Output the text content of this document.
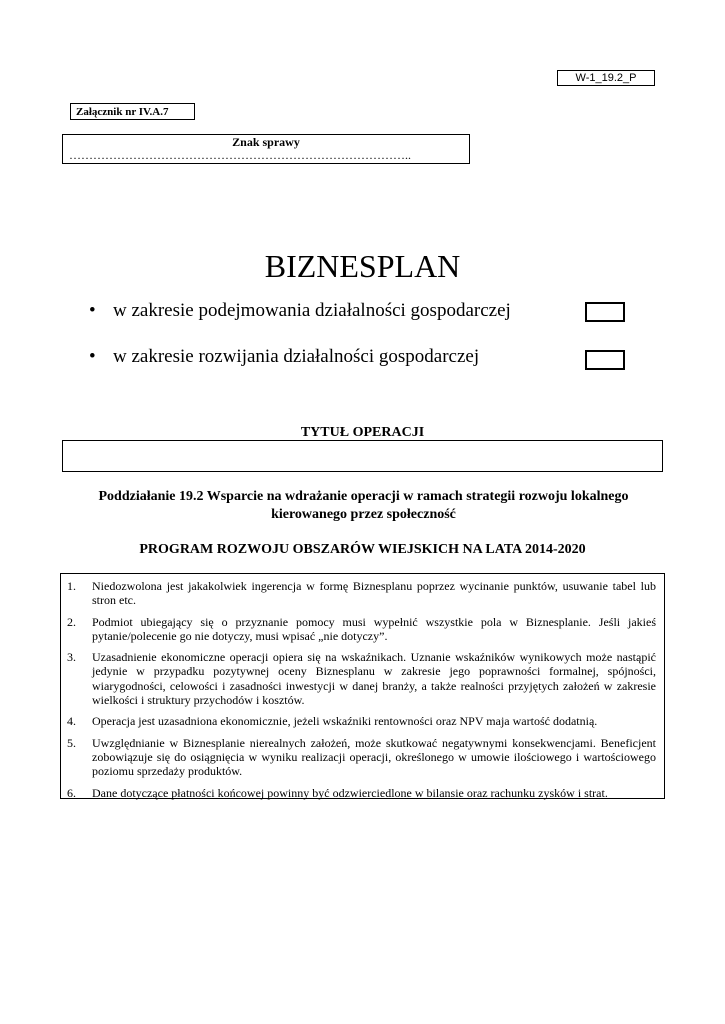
W-1_19.2_P
Załącznik nr IV.A.7
Znak sprawy
…………………………………………………………………………..
BIZNESPLAN
• w zakresie podejmowania działalności gospodarczej
• w zakresie rozwijania działalności gospodarczej
TYTUŁ OPERACJI
Poddziałanie 19.2 Wsparcie na wdrażanie operacji w ramach strategii rozwoju lokalnego kierowanego przez społeczność
PROGRAM ROZWOJU OBSZARÓW WIEJSKICH NA LATA 2014-2020
1.	Niedozwolona jest jakakolwiek ingerencja w formę Biznesplanu poprzez wycinanie punktów, usuwanie tabel lub stron etc.
2.	Podmiot ubiegający się o przyznanie pomocy musi wypełnić wszystkie pola w Biznesplanie. Jeśli jakieś pytanie/polecenie go nie dotyczy, musi wpisać „nie dotyczy”.
3.	Uzasadnienie ekonomiczne operacji opiera się na wskaźnikach. Uznanie wskaźników wynikowych może nastąpić jedynie w przypadku pozytywnej oceny Biznesplanu w zakresie jego poprawności formalnej, spójności, wiarygodności, celowości i zasadności inwestycji w danej branży, a także realności przyjętych założeń w zakresie wielkości i struktury przychodów i kosztów.
4.	Operacja jest uzasadniona ekonomicznie, jeżeli wskaźniki rentowności oraz NPV maja wartość dodatnią.
5.	Uwzględnianie w Biznesplanie nierealnych założeń, może skutkować negatywnymi konsekwencjami. Beneficjent zobowiązuje się do osiągnięcia w wyniku realizacji operacji, określonego w umowie ilościowego i wartościowego poziomu sprzedaży produktów.
6.	Dane dotyczące płatności końcowej powinny być odzwierciedlone w bilansie oraz rachunku zysków i strat.
